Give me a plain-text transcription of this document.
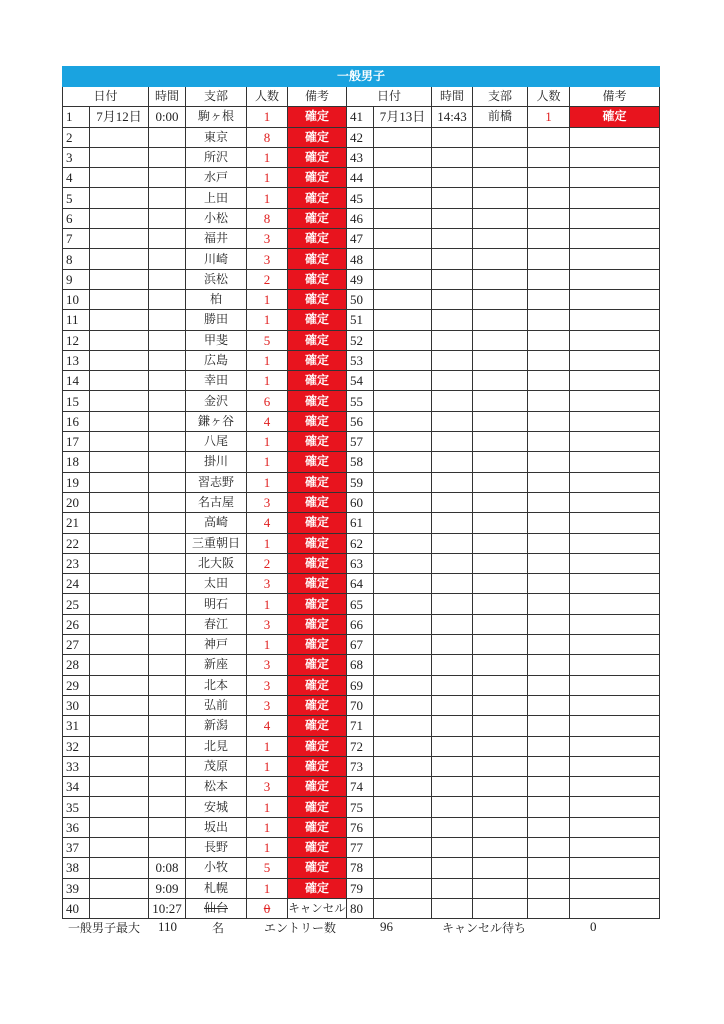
一般男子											
日付		時間	支部	人数	備考	日付		時間	支部	人数	備考
1	7月12日	0:00	駒ヶ根	1	確定	41	7月13日	14:43	前橋	1	確定
2			東京	8	確定	42					
3			所沢	1	確定	43					
4			水戸	1	確定	44					
5			上田	1	確定	45					
6			小松	8	確定	46					
7			福井	3	確定	47					
8			川崎	3	確定	48					
9			浜松	2	確定	49					
10			柏	1	確定	50					
11			勝田	1	確定	51					
12			甲斐	5	確定	52					
13			広島	1	確定	53					
14			幸田	1	確定	54					
15			金沢	6	確定	55					
16			鎌ヶ谷	4	確定	56					
17			八尾	1	確定	57					
18			掛川	1	確定	58					
19			習志野	1	確定	59					
20			名古屋	3	確定	60					
21			高崎	4	確定	61					
22			三重朝日	1	確定	62					
23			北大阪	2	確定	63					
24			太田	3	確定	64					
25			明石	1	確定	65					
26			春江	3	確定	66					
27			神戸	1	確定	67					
28			新座	3	確定	68					
29			北本	3	確定	69					
30			弘前	3	確定	70					
31			新潟	4	確定	71					
32			北見	1	確定	72					
33			茂原	1	確定	73					
34			松本	3	確定	74					
35			安城	1	確定	75					
36			坂出	1	確定	76					
37			長野	1	確定	77					
38		0:08	小牧	5	確定	78					
39		9:09	札幌	1	確定	79					
40		10:27	仙台	0	キャンセル	80					
一般男子最大 110	名	エントリー数	96	キャンセル待ち	0
